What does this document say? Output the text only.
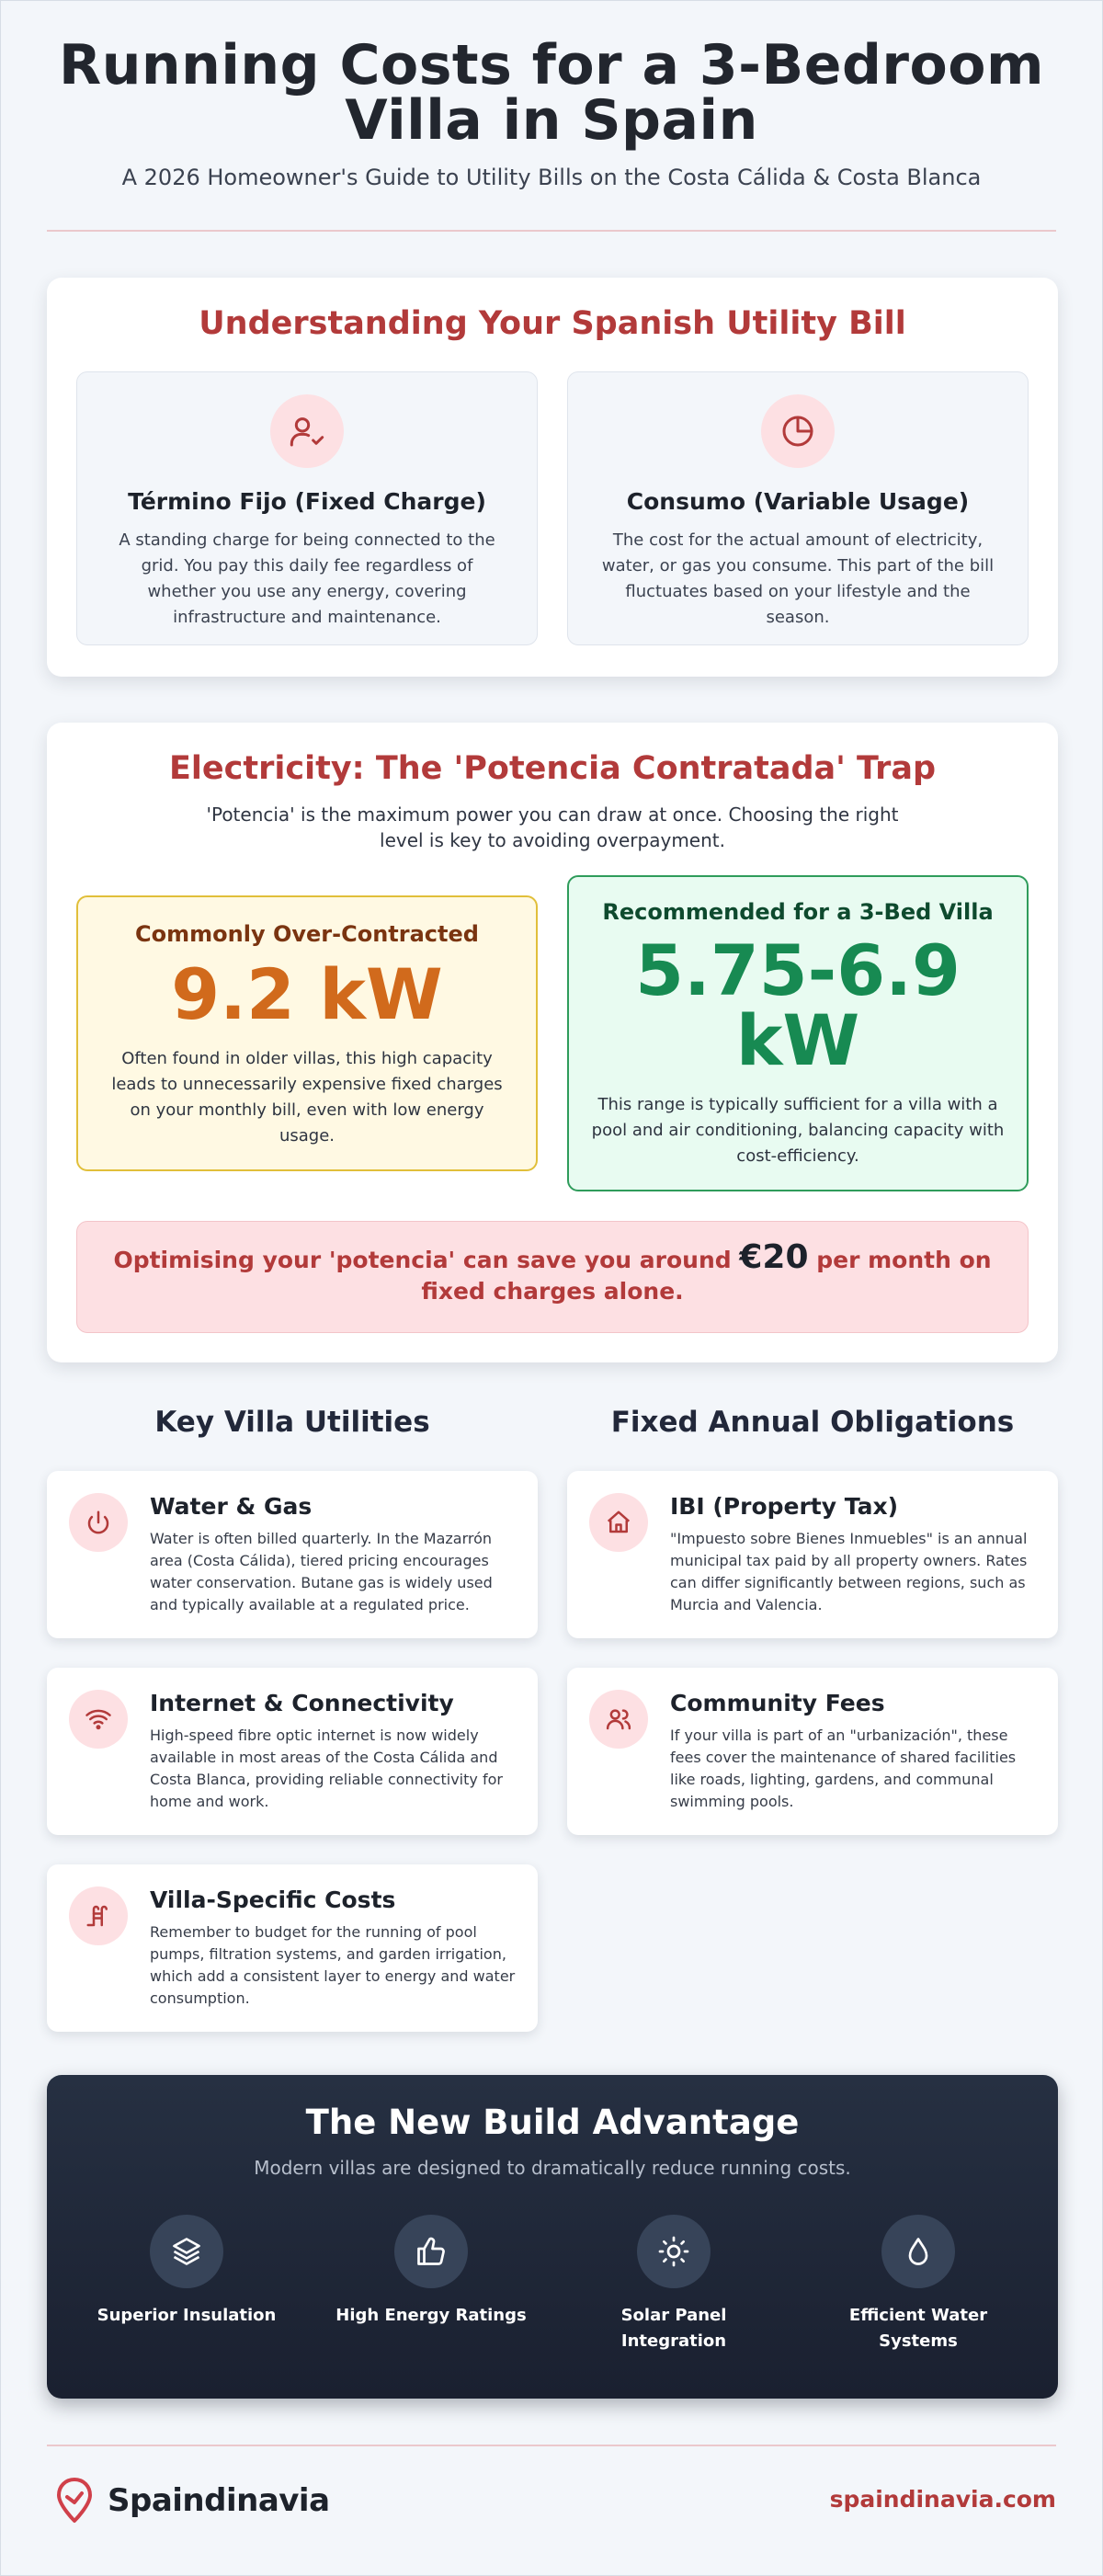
Running Costs for a 3-Bedroom
Villa in Spain
A 2026 Homeowner's Guide to Utility Bills on the Costa Cálida & Costa Blanca
Understanding Your Spanish Utility Bill
Término Fijo (Fixed Charge)

A standing charge for being connected to the grid. You pay this daily fee regardless of whether you use any energy, covering infrastructure and maintenance.

Consumo (Variable Usage)

The cost for the actual amount of electricity, water, or gas you consume. This part of the bill fluctuates based on your lifestyle and the season.

Electricity: The 'Potencia Contratada' Trap
'Potencia' is the maximum power you can draw at once. Choosing the right level is key to avoiding overpayment.
Commonly Over-Contracted
9.2 kW

Often found in older villas, this high capacity leads to unnecessarily expensive fixed charges on your monthly bill, even with low energy usage.

Recommended for a 3-Bed Villa
5.75-6.9
kW

This range is typically sufficient for a villa with a pool and air conditioning, balancing capacity with cost-efficiency.

Optimising your 'potencia' can save you around €20 per month on
fixed charges alone.
Key Villa Utilities	Fixed Annual Obligations
Water & Gas

Water is often billed quarterly. In the Mazarrón area (Costa Cálida), tiered pricing encourages water conservation. Butane gas is widely used and typically available at a regulated price.

IBI (Property Tax)

"Impuesto sobre Bienes Inmuebles" is an annual municipal tax paid by all property owners. Rates can differ significantly between regions, such as Murcia and Valencia.

Internet & Connectivity

High-speed fibre optic internet is now widely available in most areas of the Costa Cálida and Costa Blanca, providing reliable connectivity for home and work.

Community Fees

If your villa is part of an "urbanización", these fees cover the maintenance of shared facilities like roads, lighting, gardens, and communal swimming pools.

Villa-Specific Costs

Remember to budget for the running of pool pumps, filtration systems, and garden irrigation, which add a consistent layer to energy and water consumption.

The New Build Advantage
Modern villas are designed to dramatically reduce running costs.
Superior Insulation	High Energy Ratings	Solar Panel
Integration
Efficient Water
Systems
Spaindinavia	spaindinavia.com
